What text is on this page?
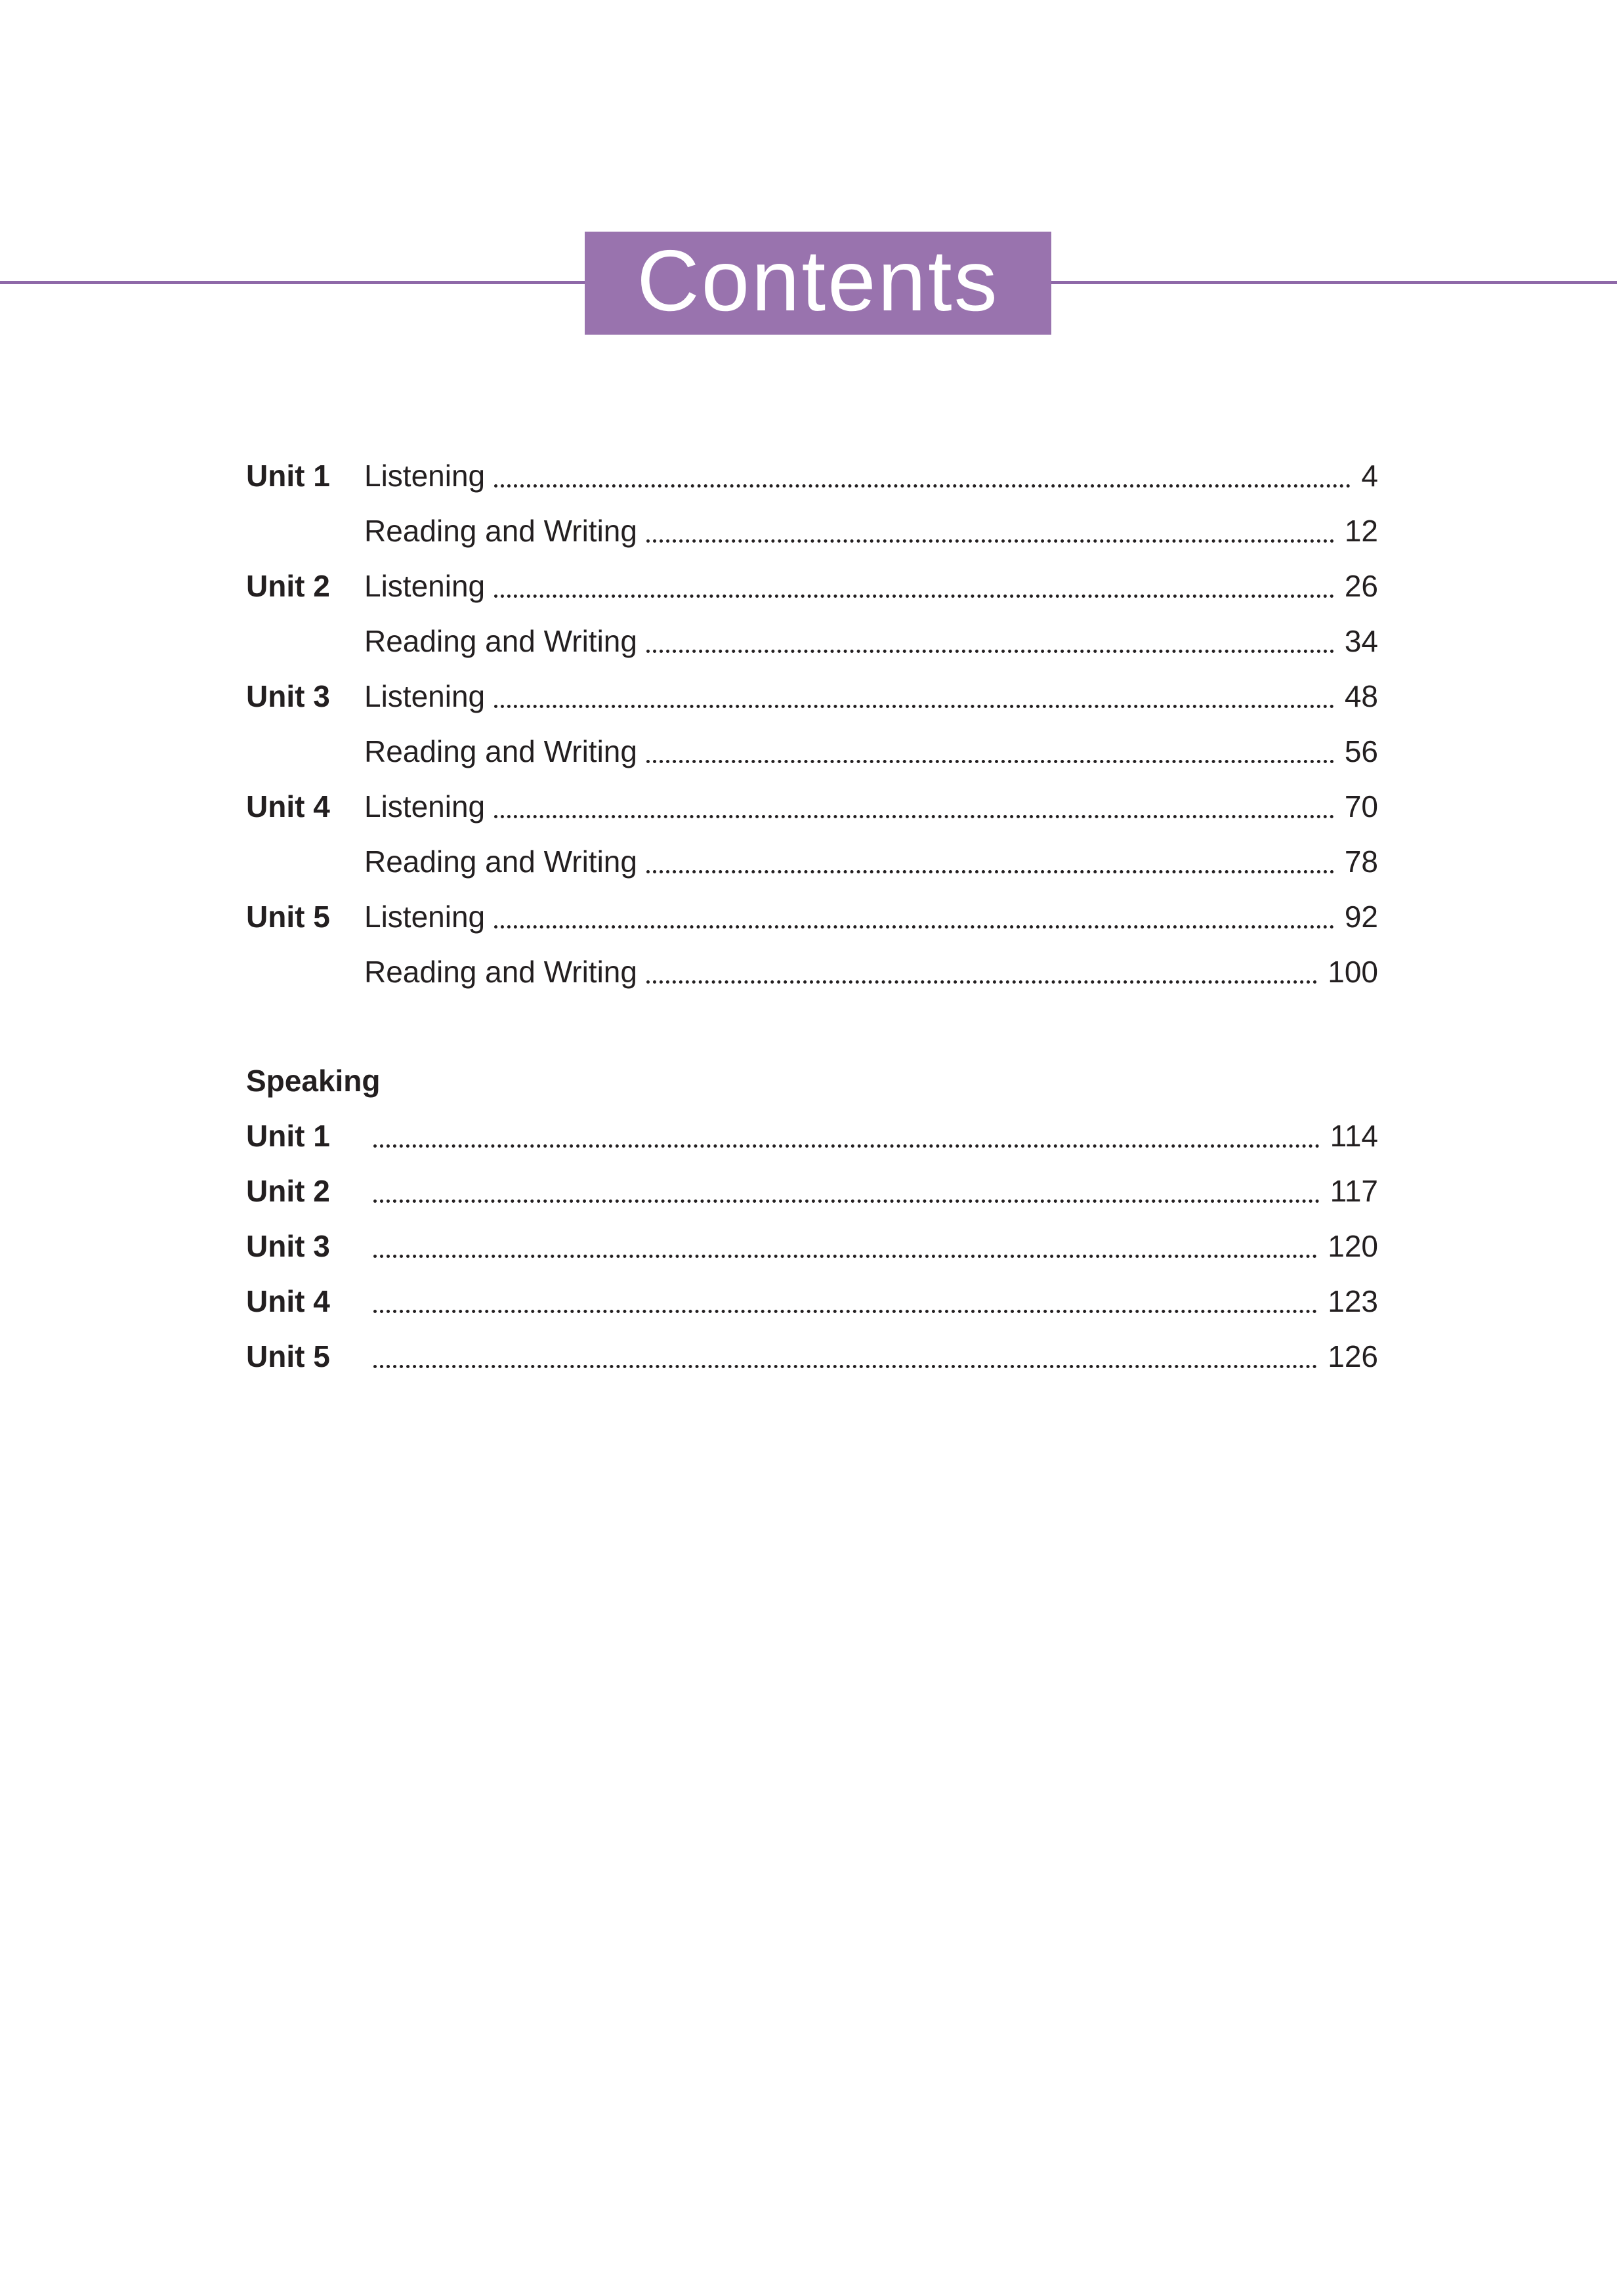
Contents
Unit 1	Listening	4
Reading and Writing	12
Unit 2	Listening	26
Reading and Writing	34
Unit 3	Listening	48
Reading and Writing	56
Unit 4	Listening	70
Reading and Writing	78
Unit 5	Listening	92
Reading and Writing	100
Speaking
Unit 1	114
Unit 2	117
Unit 3	120
Unit 4	123
Unit 5	126
